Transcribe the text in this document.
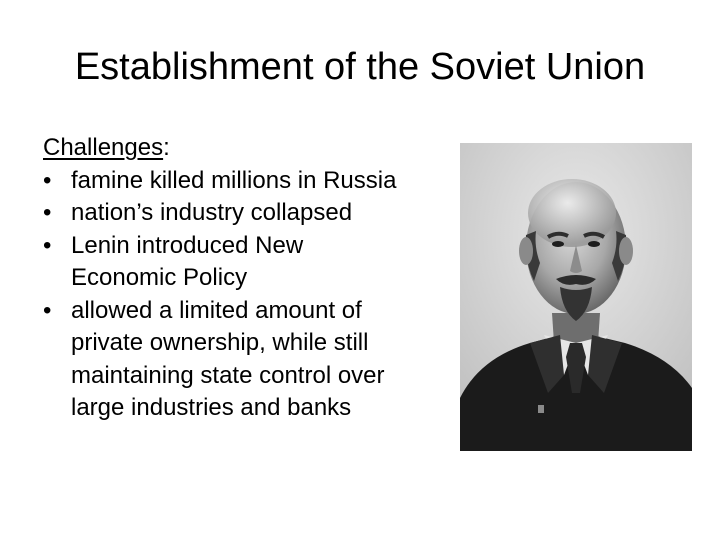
Establishment of the Soviet Union

Challenges:

• famine killed millions in Russia
• nation’s industry collapsed
• Lenin introduced New
Economic Policy
• allowed a limited amount of
private ownership, while still
maintaining state control over
large industries and banks
